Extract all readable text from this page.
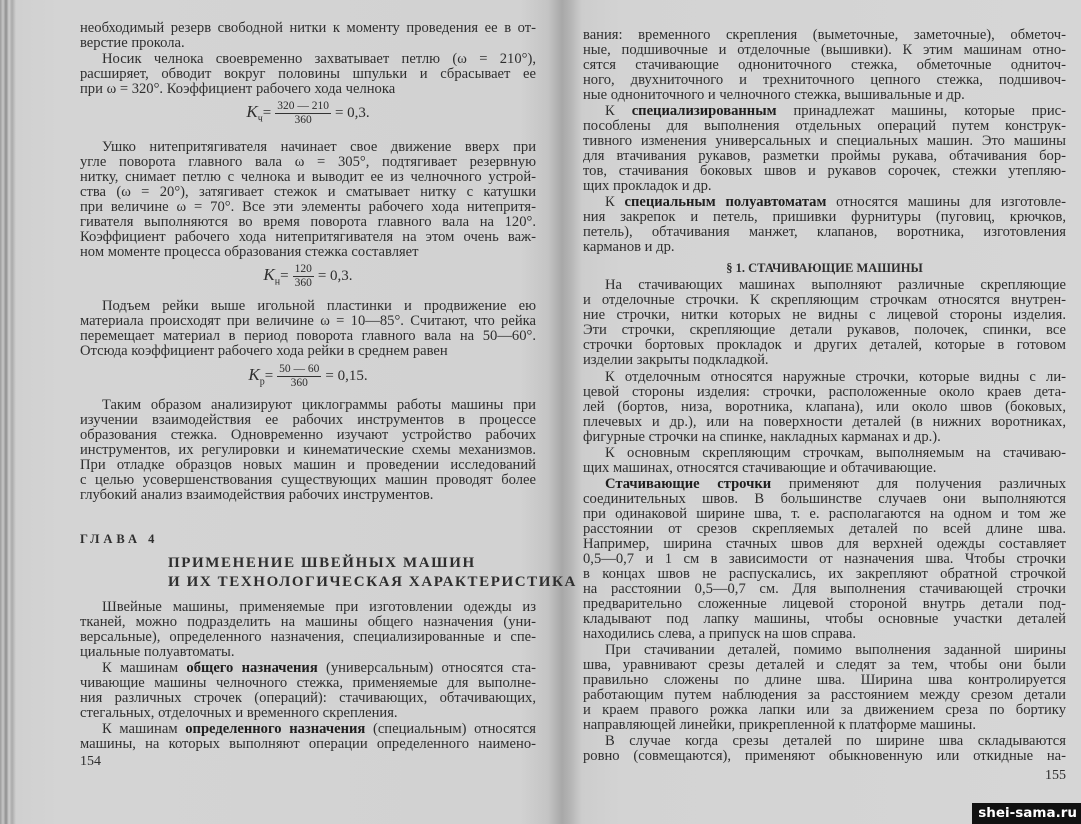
необходимый резерв свободной нитки к моменту проведения ее в от-
верстие прокола.
Носик челнока своевременно захватывает петлю (ω = 210°),
расширяет, обводит вокруг половины шпульки и сбрасывает ее
при ω = 320°. Коэффициент рабочего хода челнока
$K_ч = \frac{320 — 210}{360} = 0,3$.
Ушко нитепритягивателя начинает свое движение вверх при
угле поворота главного вала ω = 305°, подтягивает резервную
нитку, снимает петлю с челнока и выводит ее из челночного устрой-
ства (ω = 20°), затягивает стежок и сматывает нитку с катушки
при величине ω = 70°. Все эти элементы рабочего хода нитепритя-
гивателя выполняются во время поворота главного вала на 120°.
Коэффициент рабочего хода нитепритягивателя на этом очень важ-
ном моменте процесса образования стежка составляет
$K_н = \frac{120}{360} = 0,3$.
Подъем рейки выше игольной пластинки и продвижение ею
материала происходят при величине ω = 10—85°. Считают, что рейка
перемещает материал в период поворота главного вала на 50—60°.
Отсюда коэффициент рабочего хода рейки в среднем равен
$K_р = \frac{50 — 60}{360} = 0,15$.
Таким образом анализируют циклограммы работы машины при
изучении взаимодействия ее рабочих инструментов в процессе
образования стежка. Одновременно изучают устройство рабочих
инструментов, их регулировки и кинематические схемы механизмов.
При отладке образцов новых машин и проведении исследований
с целью усовершенствования существующих машин проводят более
глубокий анализ взаимодействия рабочих инструментов.
ГЛАВА 4
ПРИМЕНЕНИЕ ШВЕЙНЫХ МАШИН
И ИХ ТЕХНОЛОГИЧЕСКАЯ ХАРАКТЕРИСТИКА
Швейные машины, применяемые при изготовлении одежды из
тканей, можно подразделить на машины общего назначения (уни-
версальные), определенного назначения, специализированные и спе-
циальные полуавтоматы.
К машинам общего назначения (универсальным) относятся ста-
чивающие машины челночного стежка, применяемые для выполне-
ния различных строчек (операций): стачивающих, обтачивающих,
стегальных, отделочных и временного скрепления.
К машинам определенного назначения (специальным) относятся
машины, на которых выполняют операции определенного наимено-
154
вания: временного скрепления (выметочные, заметочные), обметоч-
ные, подшивочные и отделочные (вышивки). К этим машинам отно-
сятся стачивающие однониточного стежка, обметочные одниточ-
ного, двухниточного и трехниточного цепного стежка, подшивоч-
ные однониточного и челночного стежка, вышивальные и др.
К специализированным принадлежат машины, которые прис-
пособлены для выполнения отдельных операций путем конструк-
тивного изменения универсальных и специальных машин. Это машины
для втачивания рукавов, разметки проймы рукава, обтачивания бор-
тов, стачивания боковых швов и рукавов сорочек, стежки утепляю-
щих прокладок и др.
К специальным полуавтоматам относятся машины для изготовле-
ния закрепок и петель, пришивки фурнитуры (пуговиц, крючков,
петель), обтачивания манжет, клапанов, воротника, изготовления
карманов и др.
§ 1. СТАЧИВАЮЩИЕ МАШИНЫ
На стачивающих машинах выполняют различные скрепляющие
и отделочные строчки. К скрепляющим строчкам относятся внутрен-
ние строчки, нитки которых не видны с лицевой стороны изделия.
Эти строчки, скрепляющие детали рукавов, полочек, спинки, все
строчки бортовых прокладок и других деталей, которые в готовом
изделии закрыты подкладкой.
К отделочным относятся наружные строчки, которые видны с ли-
цевой стороны изделия: строчки, расположенные около краев дета-
лей (бортов, низа, воротника, клапана), или около швов (боковых,
плечевых и др.), или на поверхности деталей (в нижних воротниках,
фигурные строчки на спинке, накладных карманах и др.).
К основным скрепляющим строчкам, выполняемым на стачиваю-
щих машинах, относятся стачивающие и обтачивающие.
Стачивающие строчки применяют для получения различных
соединительных швов. В большинстве случаев они выполняются
при одинаковой ширине шва, т. е. располагаются на одном и том же
расстоянии от срезов скрепляемых деталей по всей длине шва.
Например, ширина стачных швов для верхней одежды составляет
0,5—0,7 и 1 см в зависимости от назначения шва. Чтобы строчки
в концах швов не распускались, их закрепляют обратной строчкой
на расстоянии 0,5—0,7 см. Для выполнения стачивающей строчки
предварительно сложенные лицевой стороной внутрь детали под-
кладывают под лапку машины, чтобы основные участки деталей
находились слева, а припуск на шов справа.
При стачивании деталей, помимо выполнения заданной ширины
шва, уравнивают срезы деталей и следят за тем, чтобы они были
правильно сложены по длине шва. Ширина шва контролируется
работающим путем наблюдения за расстоянием между срезом детали
и краем правого рожка лапки или за движением среза по бортику
направляющей линейки, прикрепленной к платформе машины.
В случае когда срезы деталей по ширине шва складываются
ровно (совмещаются), применяют обыкновенную или откидные на-
155
shei-sama.ru
